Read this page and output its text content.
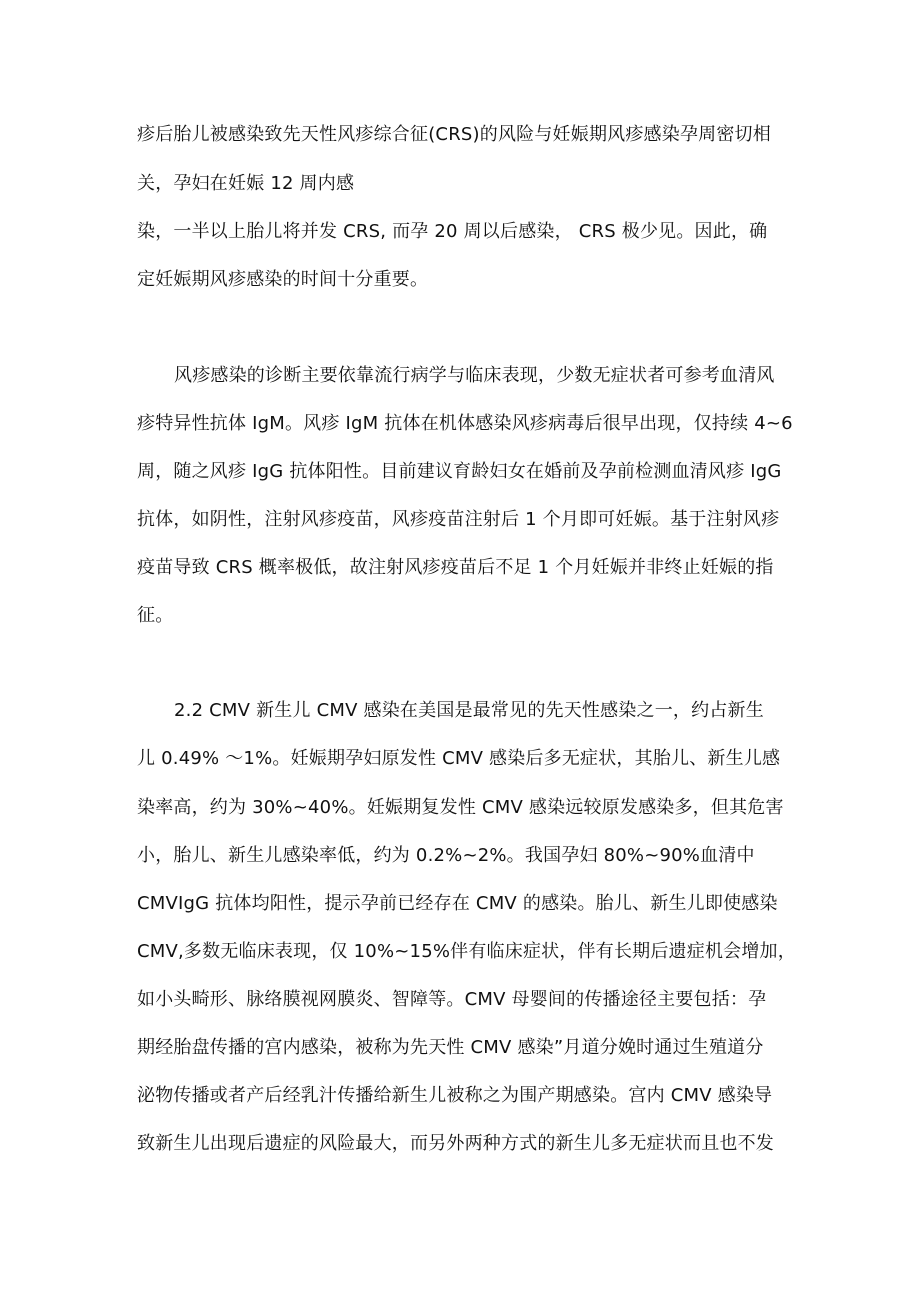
疹后胎儿被感染致先天性风疹综合征(CRS)的风险与妊娠期风疹感染孕周密切相
关，孕妇在妊娠 12 周内感
染，一半以上胎儿将并发 CRS, 而孕 20 周以后感染， CRS 极少见。因此，确
定妊娠期风疹感染的时间十分重要。
风疹感染的诊断主要依靠流行病学与临床表现，少数无症状者可参考血清风
疹特异性抗体 IgM。风疹 IgM 抗体在机体感染风疹病毒后很早出现，仅持续 4~6
周，随之风疹 IgG 抗体阳性。目前建议育龄妇女在婚前及孕前检测血清风疹 IgG
抗体，如阴性，注射风疹疫苗，风疹疫苗注射后 1 个月即可妊娠。基于注射风疹
疫苗导致 CRS 概率极低，故注射风疹疫苗后不足 1 个月妊娠并非终止妊娠的指
征。
2.2 CMV 新生儿 CMV 感染在美国是最常见的先天性感染之一，约占新生
儿 0.49% ～1%。妊娠期孕妇原发性 CMV 感染后多无症状，其胎儿、新生儿感
染率高，约为 30%~40%。妊娠期复发性 CMV 感染远较原发感染多，但其危害
小，胎儿、新生儿感染率低，约为 0.2%~2%。我国孕妇 80%~90%血清中
CMVIgG 抗体均阳性，提示孕前已经存在 CMV 的感染。胎儿、新生儿即使感染
CMV,多数无临床表现，仅 10%~15%伴有临床症状，伴有长期后遗症机会增加，
如小头畸形、脉络膜视网膜炎、智障等。CMV 母婴间的传播途径主要包括：孕
期经胎盘传播的宫内感染，被称为先天性 CMV 感染”月道分娩时通过生殖道分
泌物传播或者产后经乳汁传播给新生儿被称之为围产期感染。宫内 CMV 感染导
致新生儿出现后遗症的风险最大，而另外两种方式的新生儿多无症状而且也不发
